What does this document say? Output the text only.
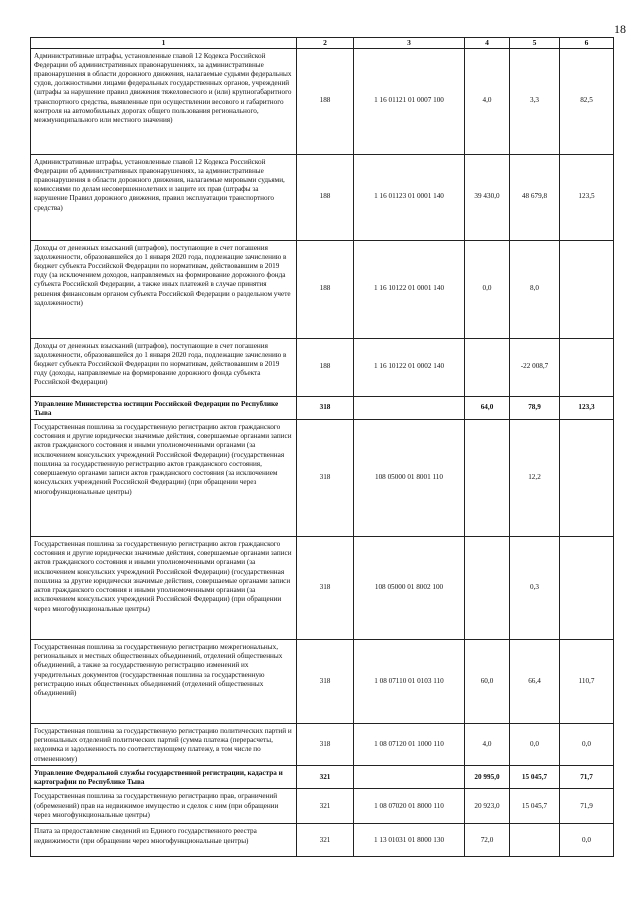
18
1	2	3	4	5	6
Административные штрафы, установленные главой 12 Кодекса Российской Федерации об административных правонарушениях, за административные правонарушения в области дорожного движения, налагаемые судьями федеральных судов, должностными лицами федеральных государственных органов, учреждений (штрафы за нарушение правил движения тяжеловесного и (или) крупногабаритного транспортного средства, выявленные при осуществлении весового и габаритного контроля на автомобильных дорогах общего пользования регионального, межмуниципального или местного значения)	188	1 16 01121 01 0007 100	4,0	3,3	82,5
Административные штрафы, установленные главой 12 Кодекса Российской Федерации об административных правонарушениях, за административные правонарушения в области дорожного движения, налагаемые мировыми судьями, комиссиями по делам несовершеннолетних и защите их прав (штрафы за нарушение Правил дорожного движения, правил эксплуатации транспортного средства)	188	1 16 01123 01 0001 140	39 430,0	48 679,8	123,5
Доходы от денежных взысканий (штрафов), поступающие в счет погашения задолженности, образовавшейся до 1 января 2020 года, подлежащие зачислению в бюджет субъекта Российской Федерации по нормативам, действовавшим в 2019 году (за исключением доходов, направляемых на формирование дорожного фонда субъекта Российской Федерации, а также иных платежей в случае принятия решения финансовым органом субъекта Российской Федерации о раздельном учете задолженности)	188	1 16 10122 01 0001 140	0,0	8,0	
Доходы от денежных взысканий (штрафов), поступающие в счет погашения задолженности, образовавшейся до 1 января 2020 года, подлежащие зачислению в бюджет субъекта Российской Федерации по нормативам, действовавшим в 2019 году (доходы, направляемые на формирование дорожного фонда субъекта Российской Федерации)	188	1 16 10122 01 0002 140		-22 008,7	
Управление Министерства юстиции Российской Федерации по Республике Тыва	318		64,0	78,9	123,3
Государственная пошлина за государственную регистрацию актов гражданского состояния и другие юридически значимые действия, совершаемые органами записи актов гражданского состояния и иными уполномоченными органами (за исключением консульских учреждений Российской Федерации) (государственная пошлина за государственную регистрацию актов гражданского состояния, совершаемую органами записи актов гражданского состояния (за исключением консульских учреждений Российской Федерации) (при обращении через многофункциональные центры)	318	108 05000 01 8001 110		12,2	
Государственная пошлина за государственную регистрацию актов гражданского состояния и другие юридически значимые действия, совершаемые органами записи актов гражданского состояния и иными уполномоченными органами (за исключением консульских учреждений Российской Федерации) (государственная пошлина за другие юридически значимые действия, совершаемые органами записи актов гражданского состояния и иными уполномоченными органами (за исключением консульских учреждений Российской Федерации) (при обращении через многофункциональные центры)	318	108 05000 01 8002 100		0,3	
Государственная пошлина за государственную регистрацию межрегиональных, региональных и местных общественных объединений, отделений общественных объединений, а также за государственную регистрацию изменений их учредительных документов (государственная пошлина за государственную регистрацию иных общественных объединений (отделений общественных объединений)	318	1 08 07110 01 0103 110	60,0	66,4	110,7
Государственная пошлина за государственную регистрацию политических партий и региональных отделений политических партий (сумма платежа (перерасчеты, недоимка и задолженность по соответствующему платежу, в том числе по отмененному)	318	1 08 07120 01 1000 110	4,0	0,0	0,0
Управление Федеральной службы государственной регистрации, кадастра и картографии по Республике Тыва	321		20 995,0	15 045,7	71,7
Государственная пошлина за государственную регистрацию прав, ограничений (обременений) прав на недвижимое имущество и сделок с ним (при обращении через многофункциональные центры)	321	1 08 07020 01 8000 110	20 923,0	15 045,7	71,9
Плата за предоставление сведений из Единого государственного реестра недвижимости (при обращении через многофункциональные центры)	321	1 13 01031 01 8000 130	72,0		0,0
